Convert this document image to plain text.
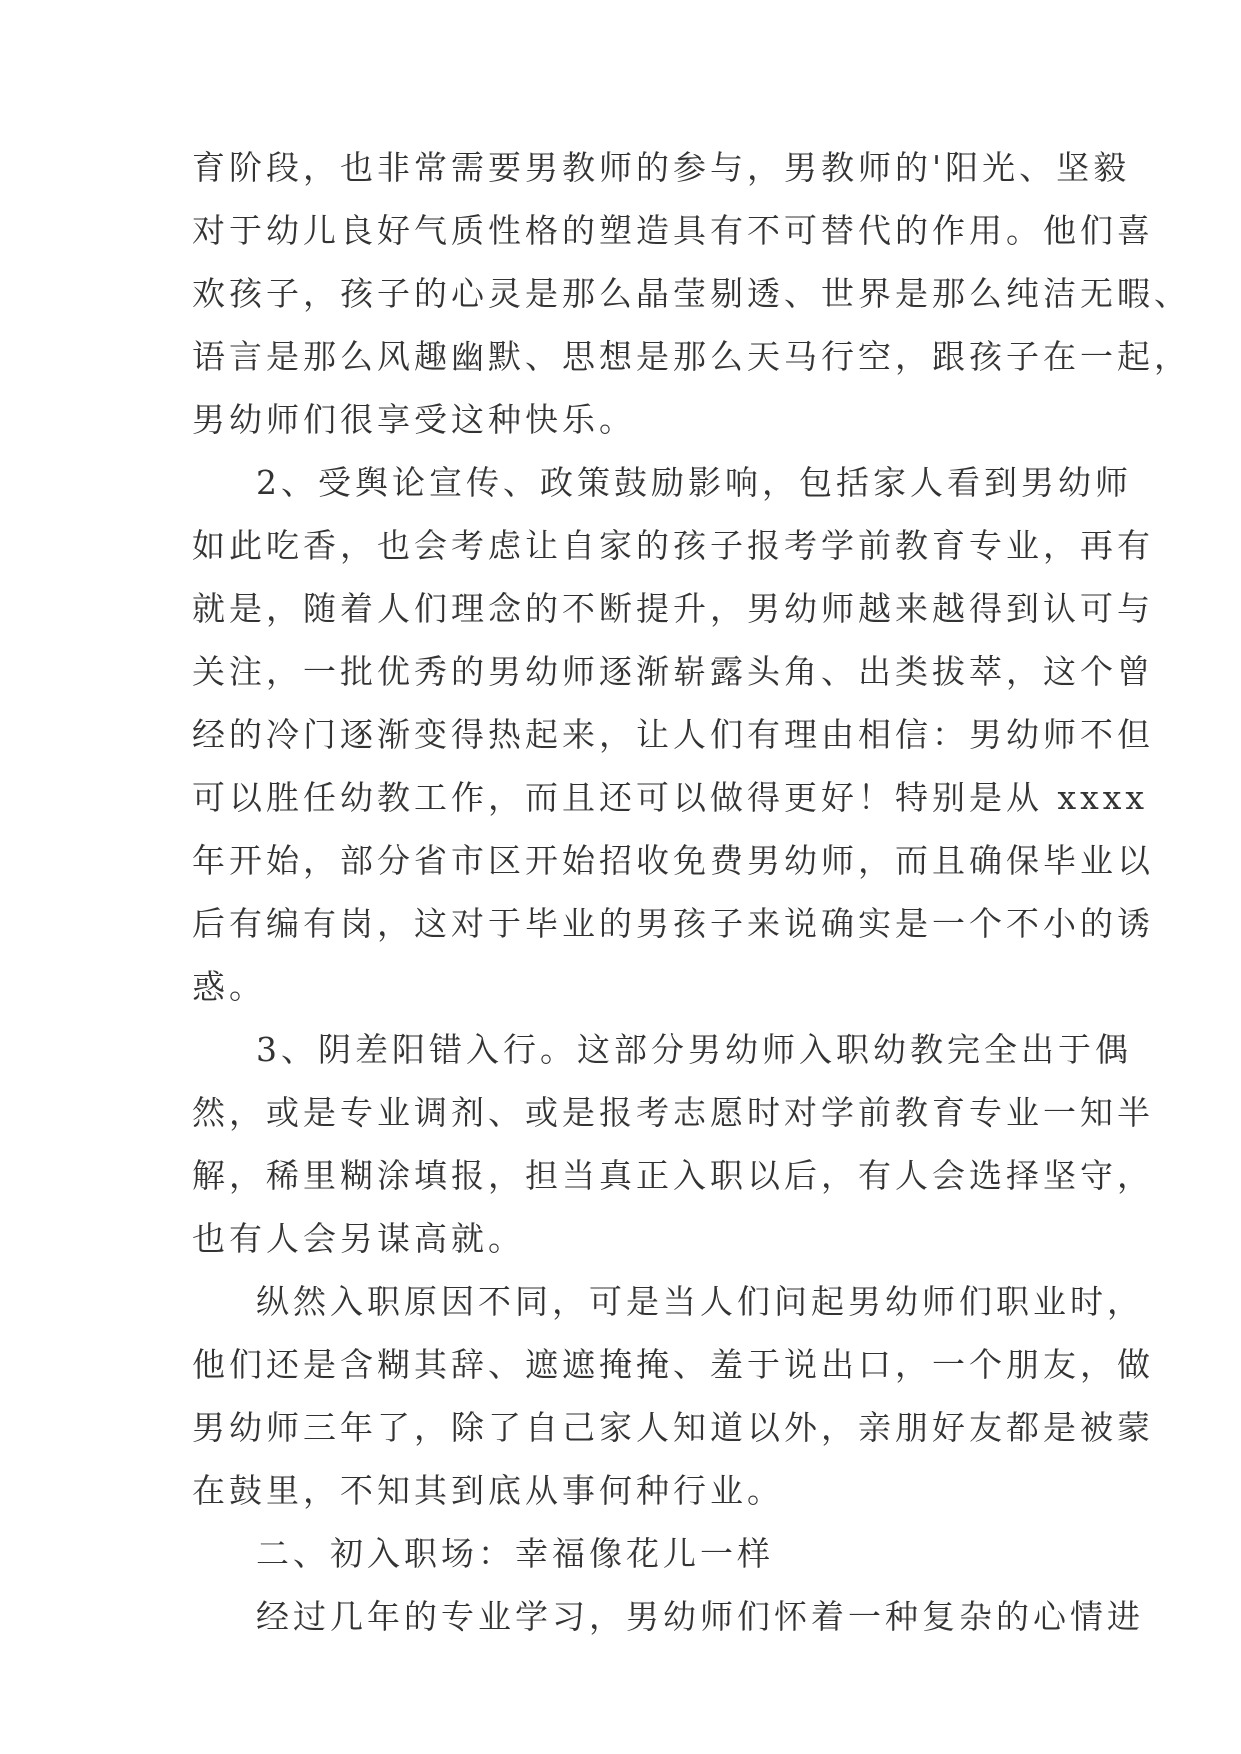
育阶段，也非常需要男教师的参与，男教师的'阳光、坚毅
对于幼儿良好气质性格的塑造具有不可替代的作用。他们喜
欢孩子，孩子的心灵是那么晶莹剔透、世界是那么纯洁无暇、
语言是那么风趣幽默、思想是那么天马行空，跟孩子在一起，
男幼师们很享受这种快乐。
2、受舆论宣传、政策鼓励影响，包括家人看到男幼师
如此吃香，也会考虑让自家的孩子报考学前教育专业，再有
就是，随着人们理念的不断提升，男幼师越来越得到认可与
关注，一批优秀的男幼师逐渐崭露头角、出类拔萃，这个曾
经的冷门逐渐变得热起来，让人们有理由相信：男幼师不但
可以胜任幼教工作，而且还可以做得更好！特别是从 xxxx
年开始，部分省市区开始招收免费男幼师，而且确保毕业以
后有编有岗，这对于毕业的男孩子来说确实是一个不小的诱
惑。
3、阴差阳错入行。这部分男幼师入职幼教完全出于偶
然，或是专业调剂、或是报考志愿时对学前教育专业一知半
解，稀里糊涂填报，担当真正入职以后，有人会选择坚守，
也有人会另谋高就。
纵然入职原因不同，可是当人们问起男幼师们职业时，
他们还是含糊其辞、遮遮掩掩、羞于说出口，一个朋友，做
男幼师三年了，除了自己家人知道以外，亲朋好友都是被蒙
在鼓里，不知其到底从事何种行业。
二、初入职场：幸福像花儿一样
经过几年的专业学习，男幼师们怀着一种复杂的心情进
